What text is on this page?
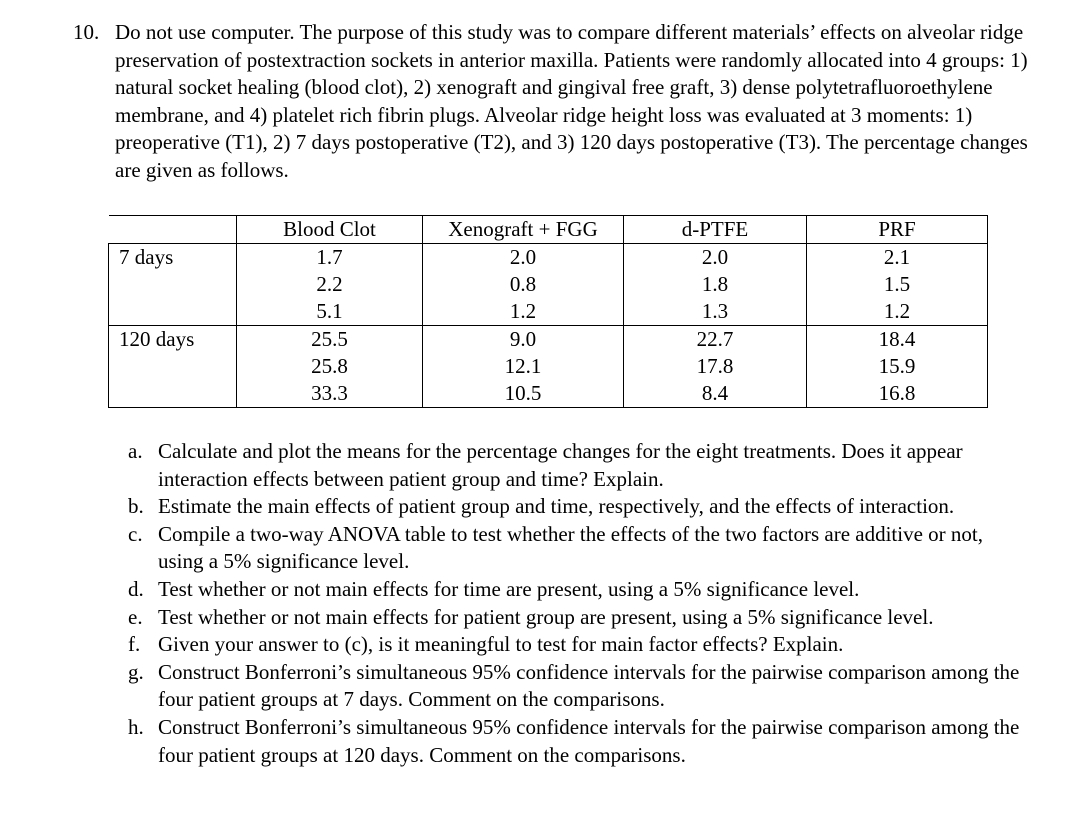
10. Do not use computer. The purpose of this study was to compare different materials’ effects on alveolar ridge preservation of postextraction sockets in anterior maxilla. Patients were randomly allocated into 4 groups: 1) natural socket healing (blood clot), 2) xenograft and gingival free graft, 3) dense polytetrafluoroethylene membrane, and 4) platelet rich fibrin plugs. Alveolar ridge height loss was evaluated at 3 moments: 1) preoperative (T1), 2) 7 days postoperative (T2), and 3) 120 days postoperative (T3). The percentage changes are given as follows.
	Blood Clot	Xenograft + FGG	d-PTFE	PRF
7 days	1.7	2.0	2.0	2.1
	2.2	0.8	1.8	1.5
	5.1	1.2	1.3	1.2
120 days	25.5	9.0	22.7	18.4
	25.8	12.1	17.8	15.9
	33.3	10.5	8.4	16.8
a. Calculate and plot the means for the percentage changes for the eight treatments. Does it appear interaction effects between patient group and time? Explain.
b. Estimate the main effects of patient group and time, respectively, and the effects of interaction.
c. Compile a two-way ANOVA table to test whether the effects of the two factors are additive or not, using a 5% significance level.
d. Test whether or not main effects for time are present, using a 5% significance level.
e. Test whether or not main effects for patient group are present, using a 5% significance level.
f. Given your answer to (c), is it meaningful to test for main factor effects? Explain.
g. Construct Bonferroni’s simultaneous 95% confidence intervals for the pairwise comparison among the four patient groups at 7 days. Comment on the comparisons.
h. Construct Bonferroni’s simultaneous 95% confidence intervals for the pairwise comparison among the four patient groups at 120 days. Comment on the comparisons.
